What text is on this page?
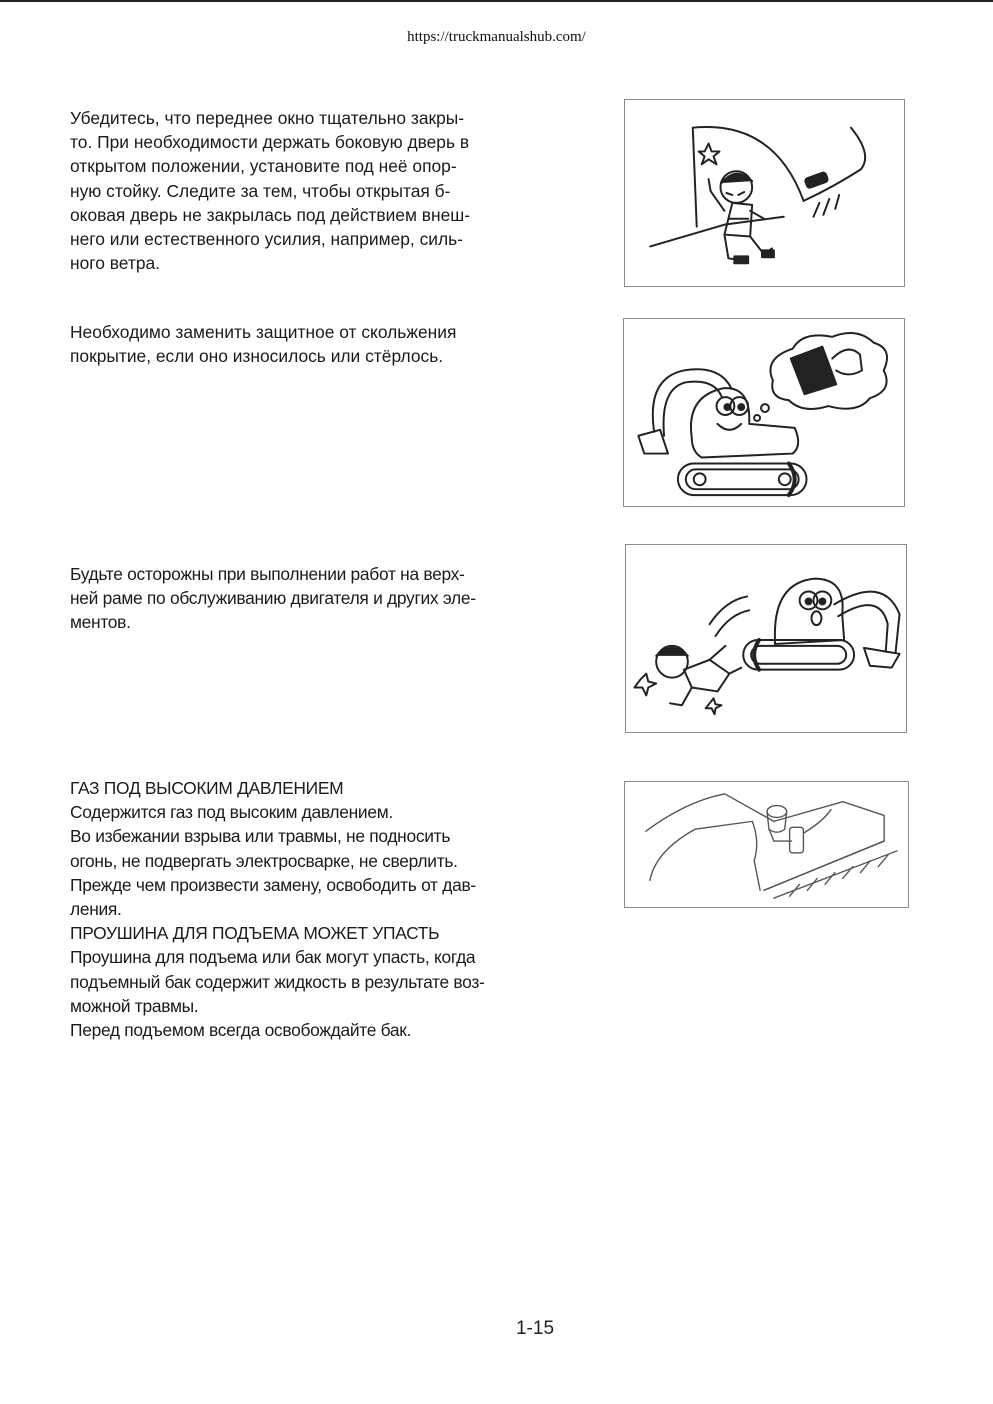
https://truckmanualshub.com/

Убедитесь, что переднее окно тщательно закры-

то. При необходимости держать боковую дверь в

открытом положении, установите под неё опор-

ную стойку. Следите за тем, чтобы открытая б-

оковая дверь не закрылась под действием внеш-

него или естественного усилия, например, силь-

ного ветра.

Необходимо заменить защитное от скольжения

покрытие, если оно износилось или стёрлось.

Будьте осторожны при выполнении работ на верх-

ней раме по обслуживанию двигателя и других эле-

ментов.

ГАЗ ПОД ВЫСОКИМ ДАВЛЕНИЕМ

Содержится газ под высоким давлением.

Во избежании взрыва или травмы, не подносить

огонь, не подвергать электросварке, не сверлить.

Прежде чем произвести замену, освободить от дав-

ления.

ПРОУШИНА ДЛЯ ПОДЪЕМА МОЖЕТ УПАСТЬ

Проушина для подъема или бак могут упасть, когда

подъемный бак содержит жидкость в результате воз-

можной травмы.

Перед подъемом всегда освобождайте бак.

1-15
